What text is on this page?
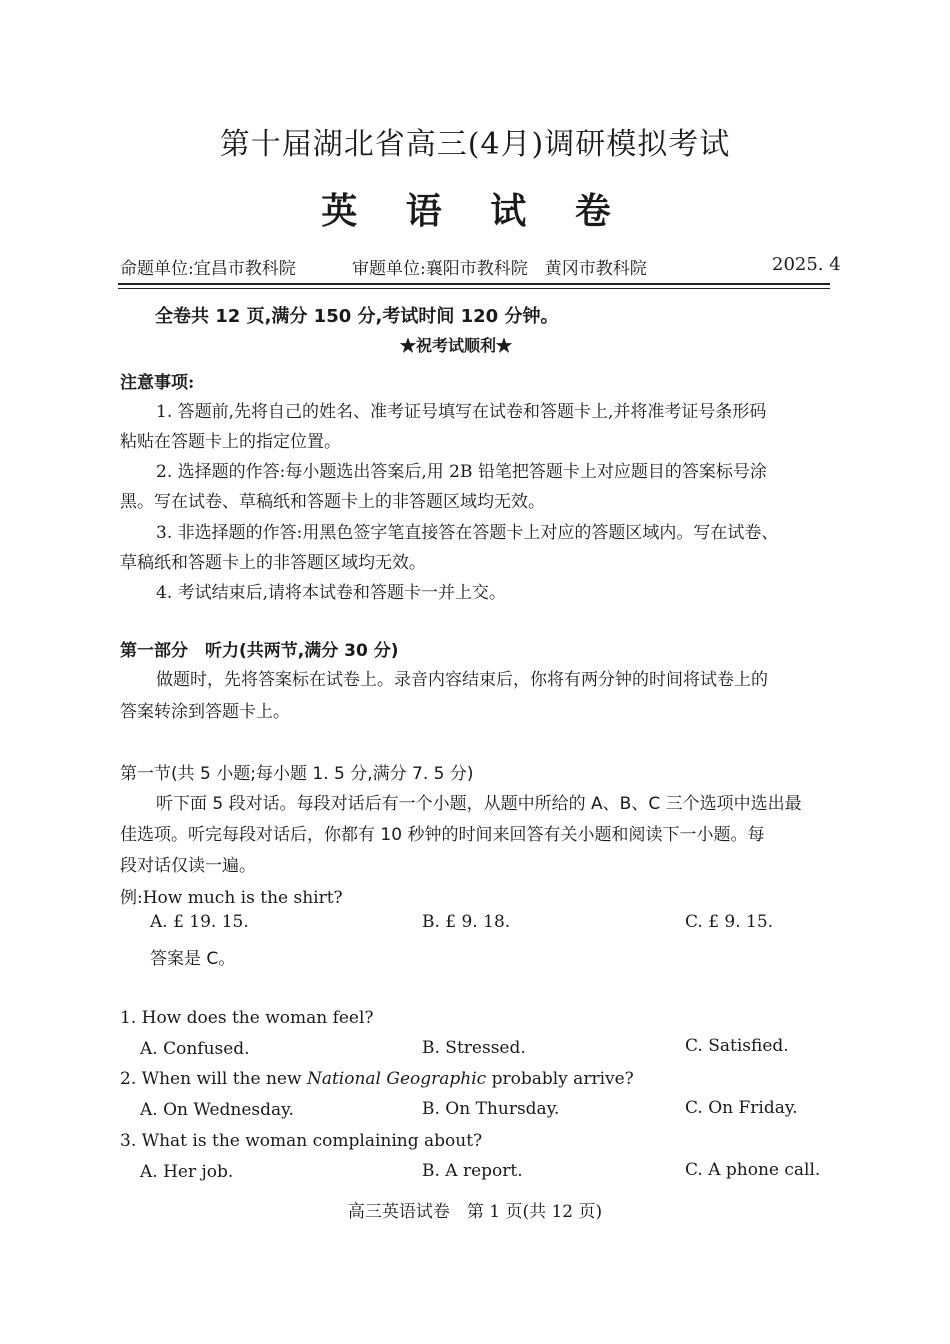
第十届湖北省高三(4月)调研模拟考试
英 语 试 卷
命题单位:宜昌市教科院	审题单位:襄阳市教科院　黄冈市教科院	2025. 4
全卷共 12 页,满分 150 分,考试时间 120 分钟。
★祝考试顺利★
注意事项:
1. 答题前,先将自己的姓名、准考证号填写在试卷和答题卡上,并将准考证号条形码
粘贴在答题卡上的指定位置。
2. 选择题的作答:每小题选出答案后,用 2B 铅笔把答题卡上对应题目的答案标号涂
黑。写在试卷、草稿纸和答题卡上的非答题区域均无效。
3. 非选择题的作答:用黑色签字笔直接答在答题卡上对应的答题区域内。写在试卷、
草稿纸和答题卡上的非答题区域均无效。
4. 考试结束后,请将本试卷和答题卡一并上交。
第一部分　听力(共两节,满分 30 分)
做题时，先将答案标在试卷上。录音内容结束后，你将有两分钟的时间将试卷上的
答案转涂到答题卡上。
第一节(共 5 小题;每小题 1. 5 分,满分 7. 5 分)
听下面 5 段对话。每段对话后有一个小题，从题中所给的 A、B、C 三个选项中选出最
佳选项。听完每段对话后，你都有 10 秒钟的时间来回答有关小题和阅读下一小题。每
段对话仅读一遍。
例:How much is the shirt?
A. £ 19. 15.	B. £ 9. 18.	C. £ 9. 15.
答案是 C。
1. How does the woman feel?
A. Confused.	B. Stressed.	C. Satisfied.
2. When will the new National Geographic probably arrive?
A. On Wednesday.	B. On Thursday.	C. On Friday.
3. What is the woman complaining about?
A. Her job.	B. A report.	C. A phone call.
高三英语试卷　第 1 页(共 12 页)
